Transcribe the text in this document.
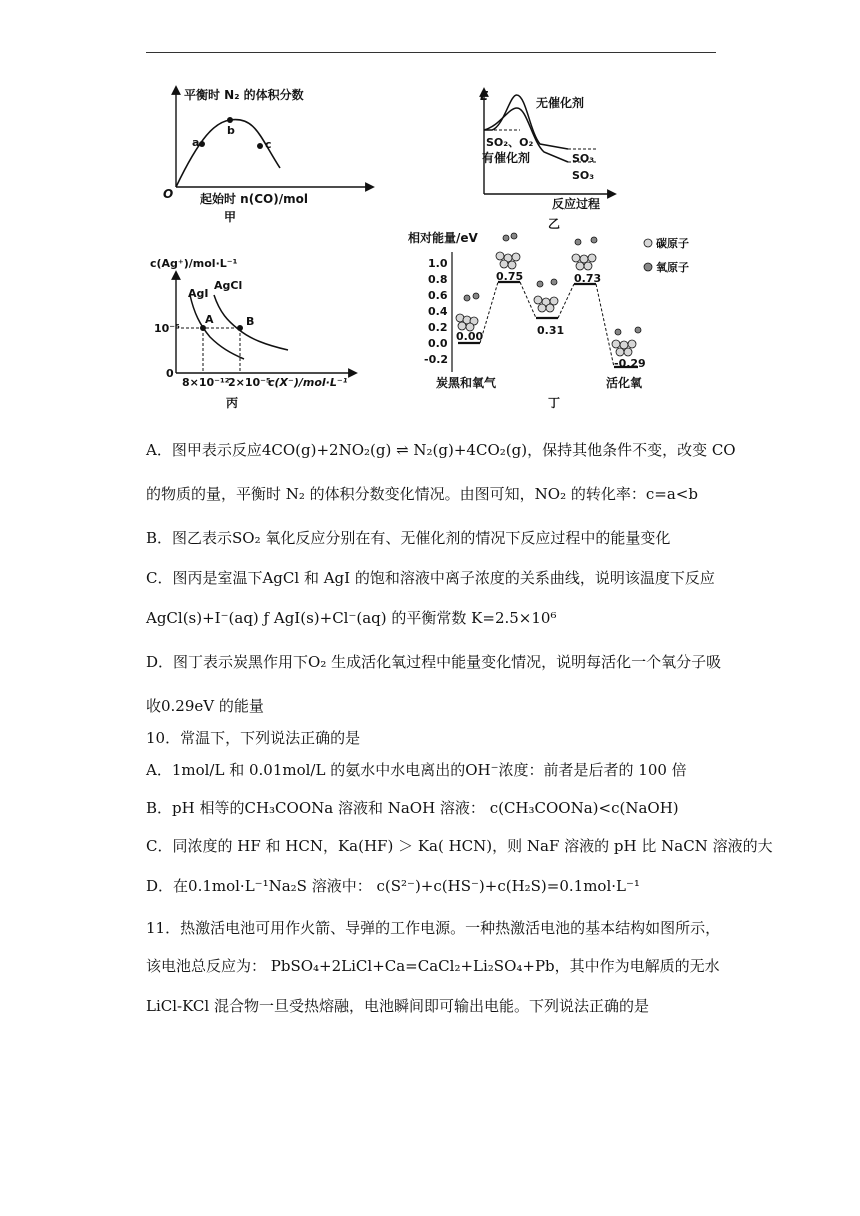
平衡时 N₂ 的体积分数
a
b
c
O 起始时 n(CO)/mol
甲
E	无催化剂
SO₂、O₂
有催化剂	SO₃
SO₃
反应过程
乙
c(Ag⁺)/mol·L⁻¹
AgI
AgCl
A	B
10⁻⁵
0
8×10⁻¹²
2×10⁻⁵
c(X⁻)/mol·L⁻¹
丙
1.0
0.8
0.6
0.4
0.2
0.0
-0.2
0.00
0.75
0.31
0.73
-0.29
碳原子
氧原子
相对能量/eV
炭黑和氧气	活化氧
丁
A．图甲表示反应4CO(g)+2NO₂(g) ⇌ N₂(g)+4CO₂(g)，保持其他条件不变，改变 CO
的物质的量，平衡时 N₂ 的体积分数变化情况。由图可知，NO₂ 的转化率：c=a<b
B．图乙表示SO₂ 氧化反应分别在有、无催化剂的情况下反应过程中的能量变化
C．图丙是室温下AgCl 和 AgI 的饱和溶液中离子浓度的关系曲线，说明该温度下反应
AgCl(s)+I⁻(aq) ƒ AgI(s)+Cl⁻(aq) 的平衡常数 K=2.5×10⁶
D．图丁表示炭黑作用下O₂ 生成活化氧过程中能量变化情况，说明每活化一个氧分子吸
收0.29eV 的能量
10．常温下，下列说法正确的是
A．1mol/L 和 0.01mol/L 的氨水中水电离出的OH⁻浓度：前者是后者的 100 倍
B．pH 相等的CH₃COONa 溶液和 NaOH 溶液： c(CH₃COONa)<c(NaOH)
C．同浓度的 HF 和 HCN，Ka(HF) ＞ Ka( HCN)，则 NaF 溶液的 pH 比 NaCN 溶液的大
D．在0.1mol·L⁻¹Na₂S 溶液中： c(S²⁻)+c(HS⁻)+c(H₂S)=0.1mol·L⁻¹
11．热激活电池可用作火箭、导弹的工作电源。一种热激活电池的基本结构如图所示，
该电池总反应为： PbSO₄+2LiCl+Ca=CaCl₂+Li₂SO₄+Pb，其中作为电解质的无水
LiCl-KCl 混合物一旦受热熔融，电池瞬间即可输出电能。下列说法正确的是
